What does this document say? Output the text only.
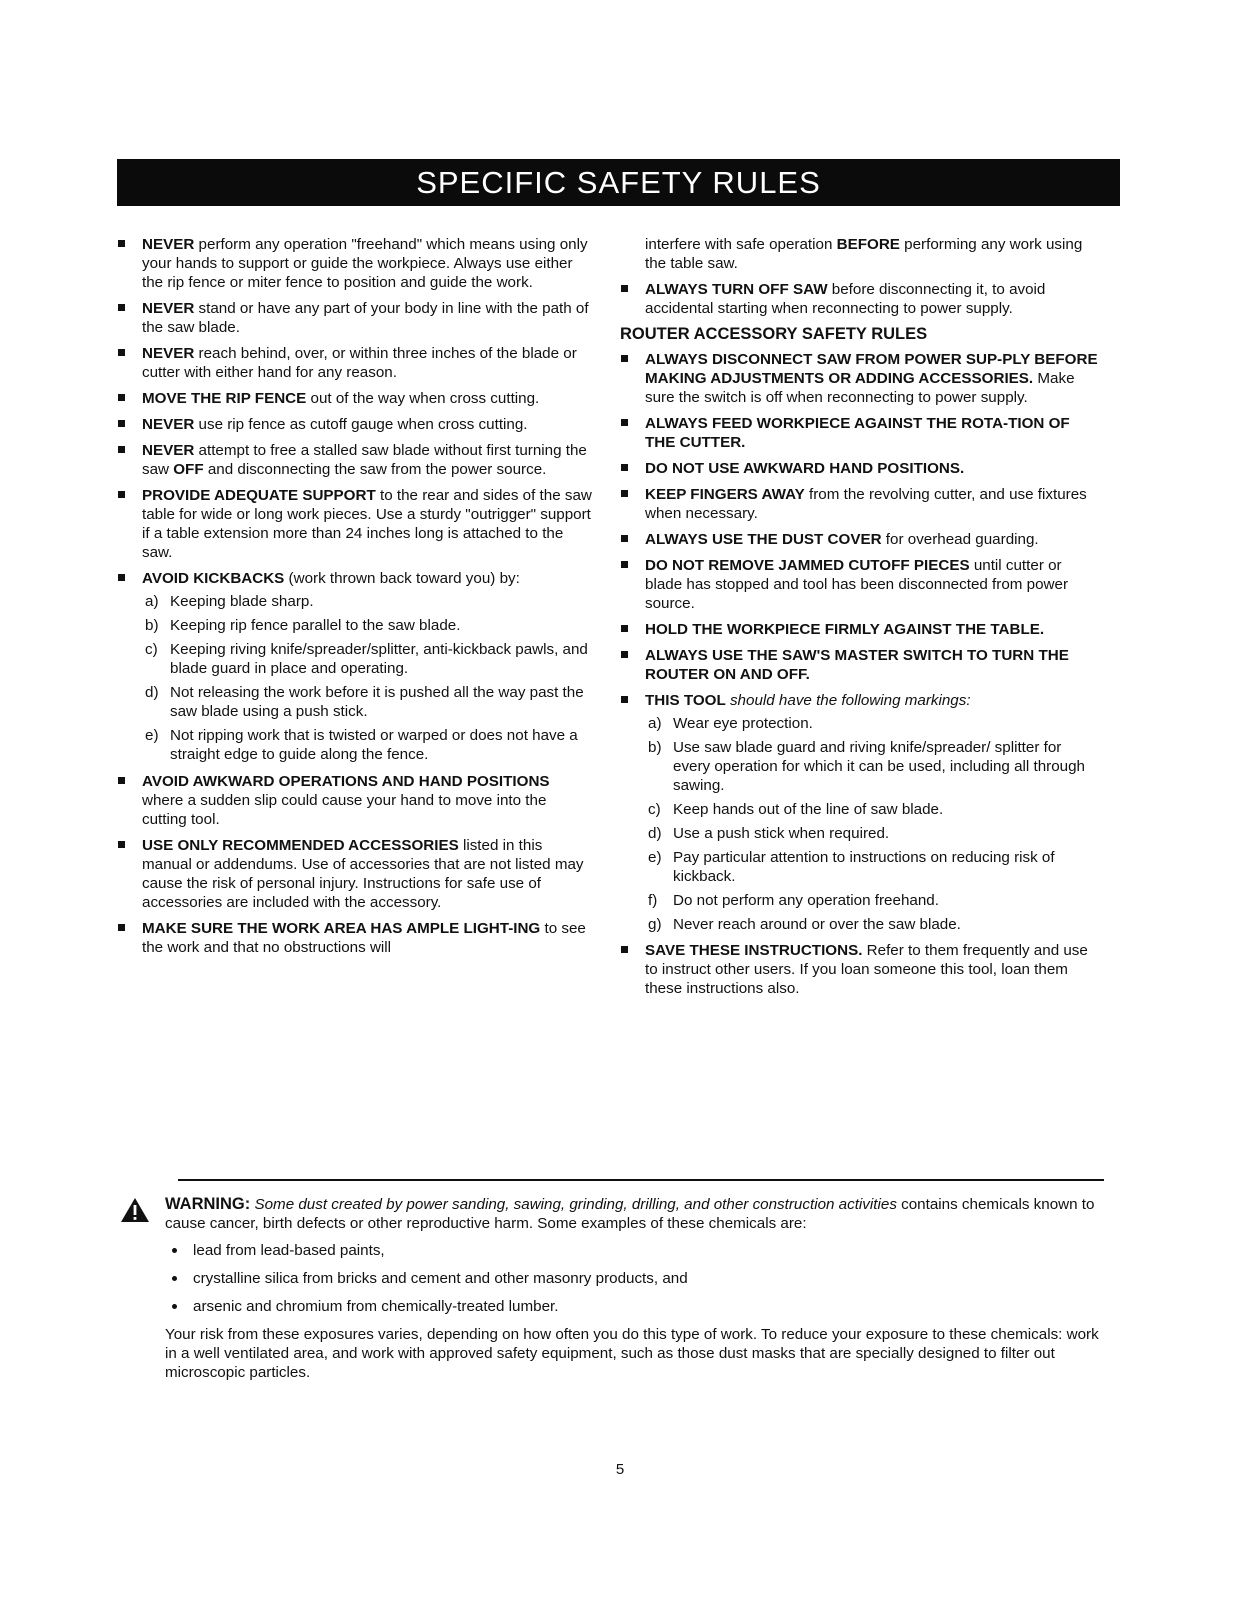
SPECIFIC SAFETY RULES
NEVER perform any operation "freehand" which means using only your hands to support or guide the workpiece. Always use either the rip fence or miter fence to position and guide the work.
NEVER stand or have any part of your body in line with the path of the saw blade.
NEVER reach behind, over, or within three inches of the blade or cutter with either hand for any reason.
MOVE THE RIP FENCE out of the way when cross cutting.
NEVER use rip fence as cutoff gauge when cross cutting.
NEVER attempt to free a stalled saw blade without first turning the saw OFF and disconnecting the saw from the power source.
PROVIDE ADEQUATE SUPPORT to the rear and sides of the saw table for wide or long work pieces. Use a sturdy "outrigger" support if a table extension more than 24 inches long is attached to the saw.
AVOID KICKBACKS (work thrown back toward you) by:
a) Keeping blade sharp.
b) Keeping rip fence parallel to the saw blade.
c) Keeping riving knife/spreader/splitter, anti-kickback pawls, and blade guard in place and operating.
d) Not releasing the work before it is pushed all the way past the saw blade using a push stick.
e) Not ripping work that is twisted or warped or does not have a straight edge to guide along the fence.
AVOID AWKWARD OPERATIONS AND HAND POSITIONS where a sudden slip could cause your hand to move into the cutting tool.
USE ONLY RECOMMENDED ACCESSORIES listed in this manual or addendums. Use of accessories that are not listed may cause the risk of personal injury. Instructions for safe use of accessories are included with the accessory.
MAKE SURE THE WORK AREA HAS AMPLE LIGHT-ING to see the work and that no obstructions will
interfere with safe operation BEFORE performing any work using the table saw.
ALWAYS TURN OFF SAW before disconnecting it, to avoid accidental starting when reconnecting to power supply.
ROUTER ACCESSORY SAFETY RULES
ALWAYS DISCONNECT SAW FROM POWER SUP-PLY BEFORE MAKING ADJUSTMENTS OR ADDING ACCESSORIES. Make sure the switch is off when reconnecting to power supply.
ALWAYS FEED WORKPIECE AGAINST THE ROTA-TION OF THE CUTTER.
DO NOT USE AWKWARD HAND POSITIONS.
KEEP FINGERS AWAY from the revolving cutter, and use fixtures when necessary.
ALWAYS USE THE DUST COVER for overhead guarding.
DO NOT REMOVE JAMMED CUTOFF PIECES until cutter or blade has stopped and tool has been disconnected from power source.
HOLD THE WORKPIECE FIRMLY AGAINST THE TABLE.
ALWAYS USE THE SAW'S MASTER SWITCH TO TURN THE ROUTER ON AND OFF.
THIS TOOL should have the following markings:
a) Wear eye protection.
b) Use saw blade guard and riving knife/spreader/ splitter for every operation for which it can be used, including all through sawing.
c) Keep hands out of the line of saw blade.
d) Use a push stick when required.
e) Pay particular attention to instructions on reducing risk of kickback.
f) Do not perform any operation freehand.
g) Never reach around or over the saw blade.
SAVE THESE INSTRUCTIONS. Refer to them frequently and use to instruct other users. If you loan someone this tool, loan them these instructions also.
WARNING: Some dust created by power sanding, sawing, grinding, drilling, and other construction activities contains chemicals known to cause cancer, birth defects or other reproductive harm. Some examples of these chemicals are:
lead from lead-based paints,
crystalline silica from bricks and cement and other masonry products, and
arsenic and chromium from chemically-treated lumber.
Your risk from these exposures varies, depending on how often you do this type of work. To reduce your exposure to these chemicals: work in a well ventilated area, and work with approved safety equipment, such as those dust masks that are specially designed to filter out microscopic particles.
5
